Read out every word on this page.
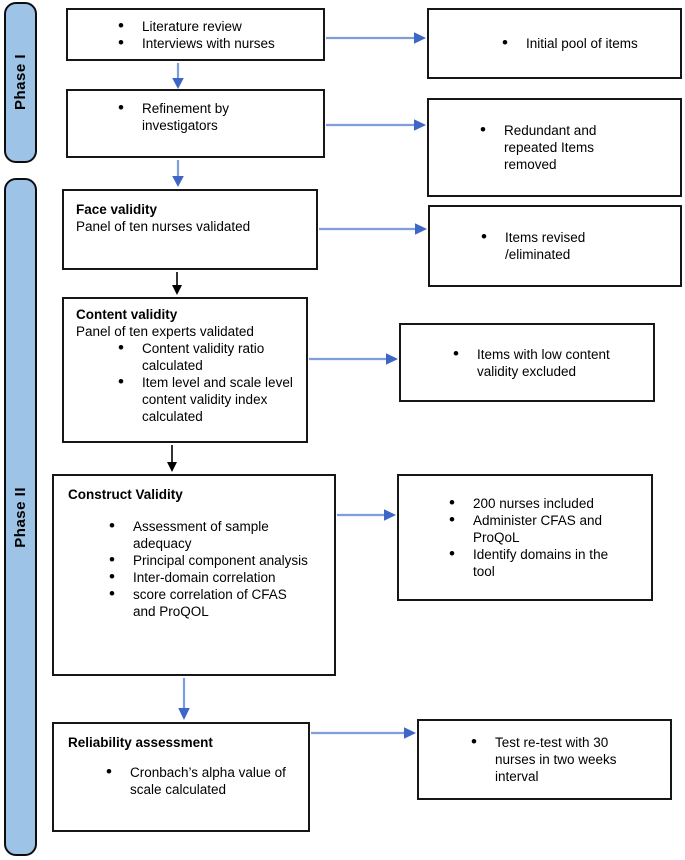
Phase I
Phase II
• Literature review
• Interviews with nurses
• Refinement by investigators
Face validity
Panel of ten nurses validated
Content validity
Panel of ten experts validated
• Content validity ratio calculated
• Item level and scale level content validity index calculated
Construct Validity
• Assessment of sample adequacy
• Principal component analysis
• Inter-domain correlation
• score correlation of CFAS and ProQOL
Reliability assessment
• Cronbach’s alpha value of scale calculated
• Initial pool of items
• Redundant and repeated Items removed
• Items revised /eliminated
• Items with low content validity excluded
• 200 nurses included
• Administer CFAS and ProQoL
• Identify domains in the tool
• Test re-test with 30 nurses in two weeks interval
